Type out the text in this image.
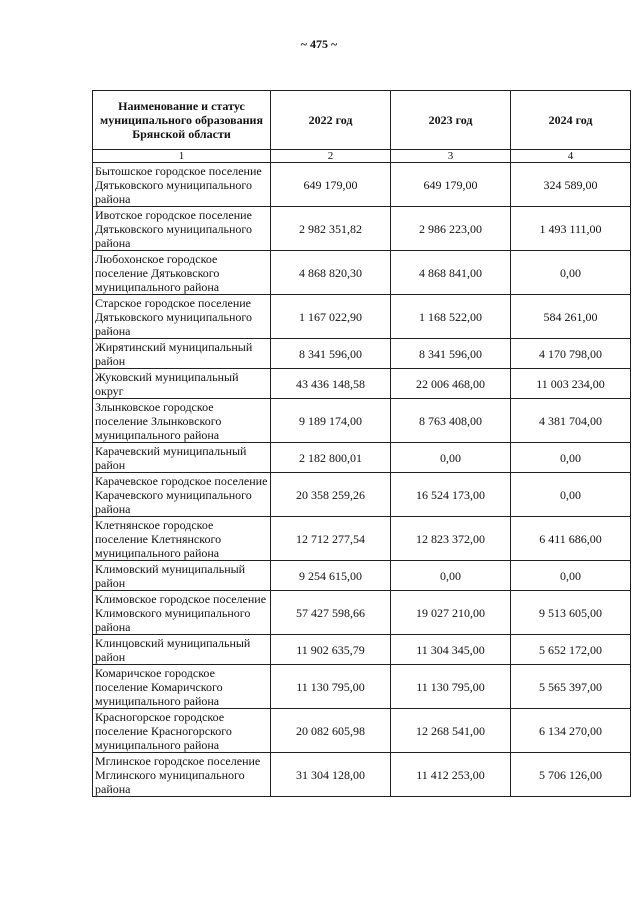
~ 475 ~
Наименование и статус муниципального образования Брянской области	2022 год	2023 год	2024 год
1	2	3	4
Бытошское городское поселение Дятьковского муниципального района	649 179,00	649 179,00	324 589,00
Ивотское городское поселение Дятьковского муниципального района	2 982 351,82	2 986 223,00	1 493 111,00
Любохонское городское поселение Дятьковского муниципального района	4 868 820,30	4 868 841,00	0,00
Старское городское поселение Дятьковского муниципального района	1 167 022,90	1 168 522,00	584 261,00
Жирятинский муниципальный район	8 341 596,00	8 341 596,00	4 170 798,00
Жуковский муниципальный округ	43 436 148,58	22 006 468,00	11 003 234,00
Злынковское городское поселение Злынковского муниципального района	9 189 174,00	8 763 408,00	4 381 704,00
Карачевский муниципальный район	2 182 800,01	0,00	0,00
Карачевское городское поселение Карачевского муниципального района	20 358 259,26	16 524 173,00	0,00
Клетнянское городское поселение Клетнянского муниципального района	12 712 277,54	12 823 372,00	6 411 686,00
Климовский муниципальный район	9 254 615,00	0,00	0,00
Климовское городское поселение Климовского муниципального района	57 427 598,66	19 027 210,00	9 513 605,00
Клинцовский муниципальный район	11 902 635,79	11 304 345,00	5 652 172,00
Комаричское городское поселение Комаричского муниципального района	11 130 795,00	11 130 795,00	5 565 397,00
Красногорское городское поселение Красногорского муниципального района	20 082 605,98	12 268 541,00	6 134 270,00
Мглинское городское поселение Мглинского муниципального района	31 304 128,00	11 412 253,00	5 706 126,00
